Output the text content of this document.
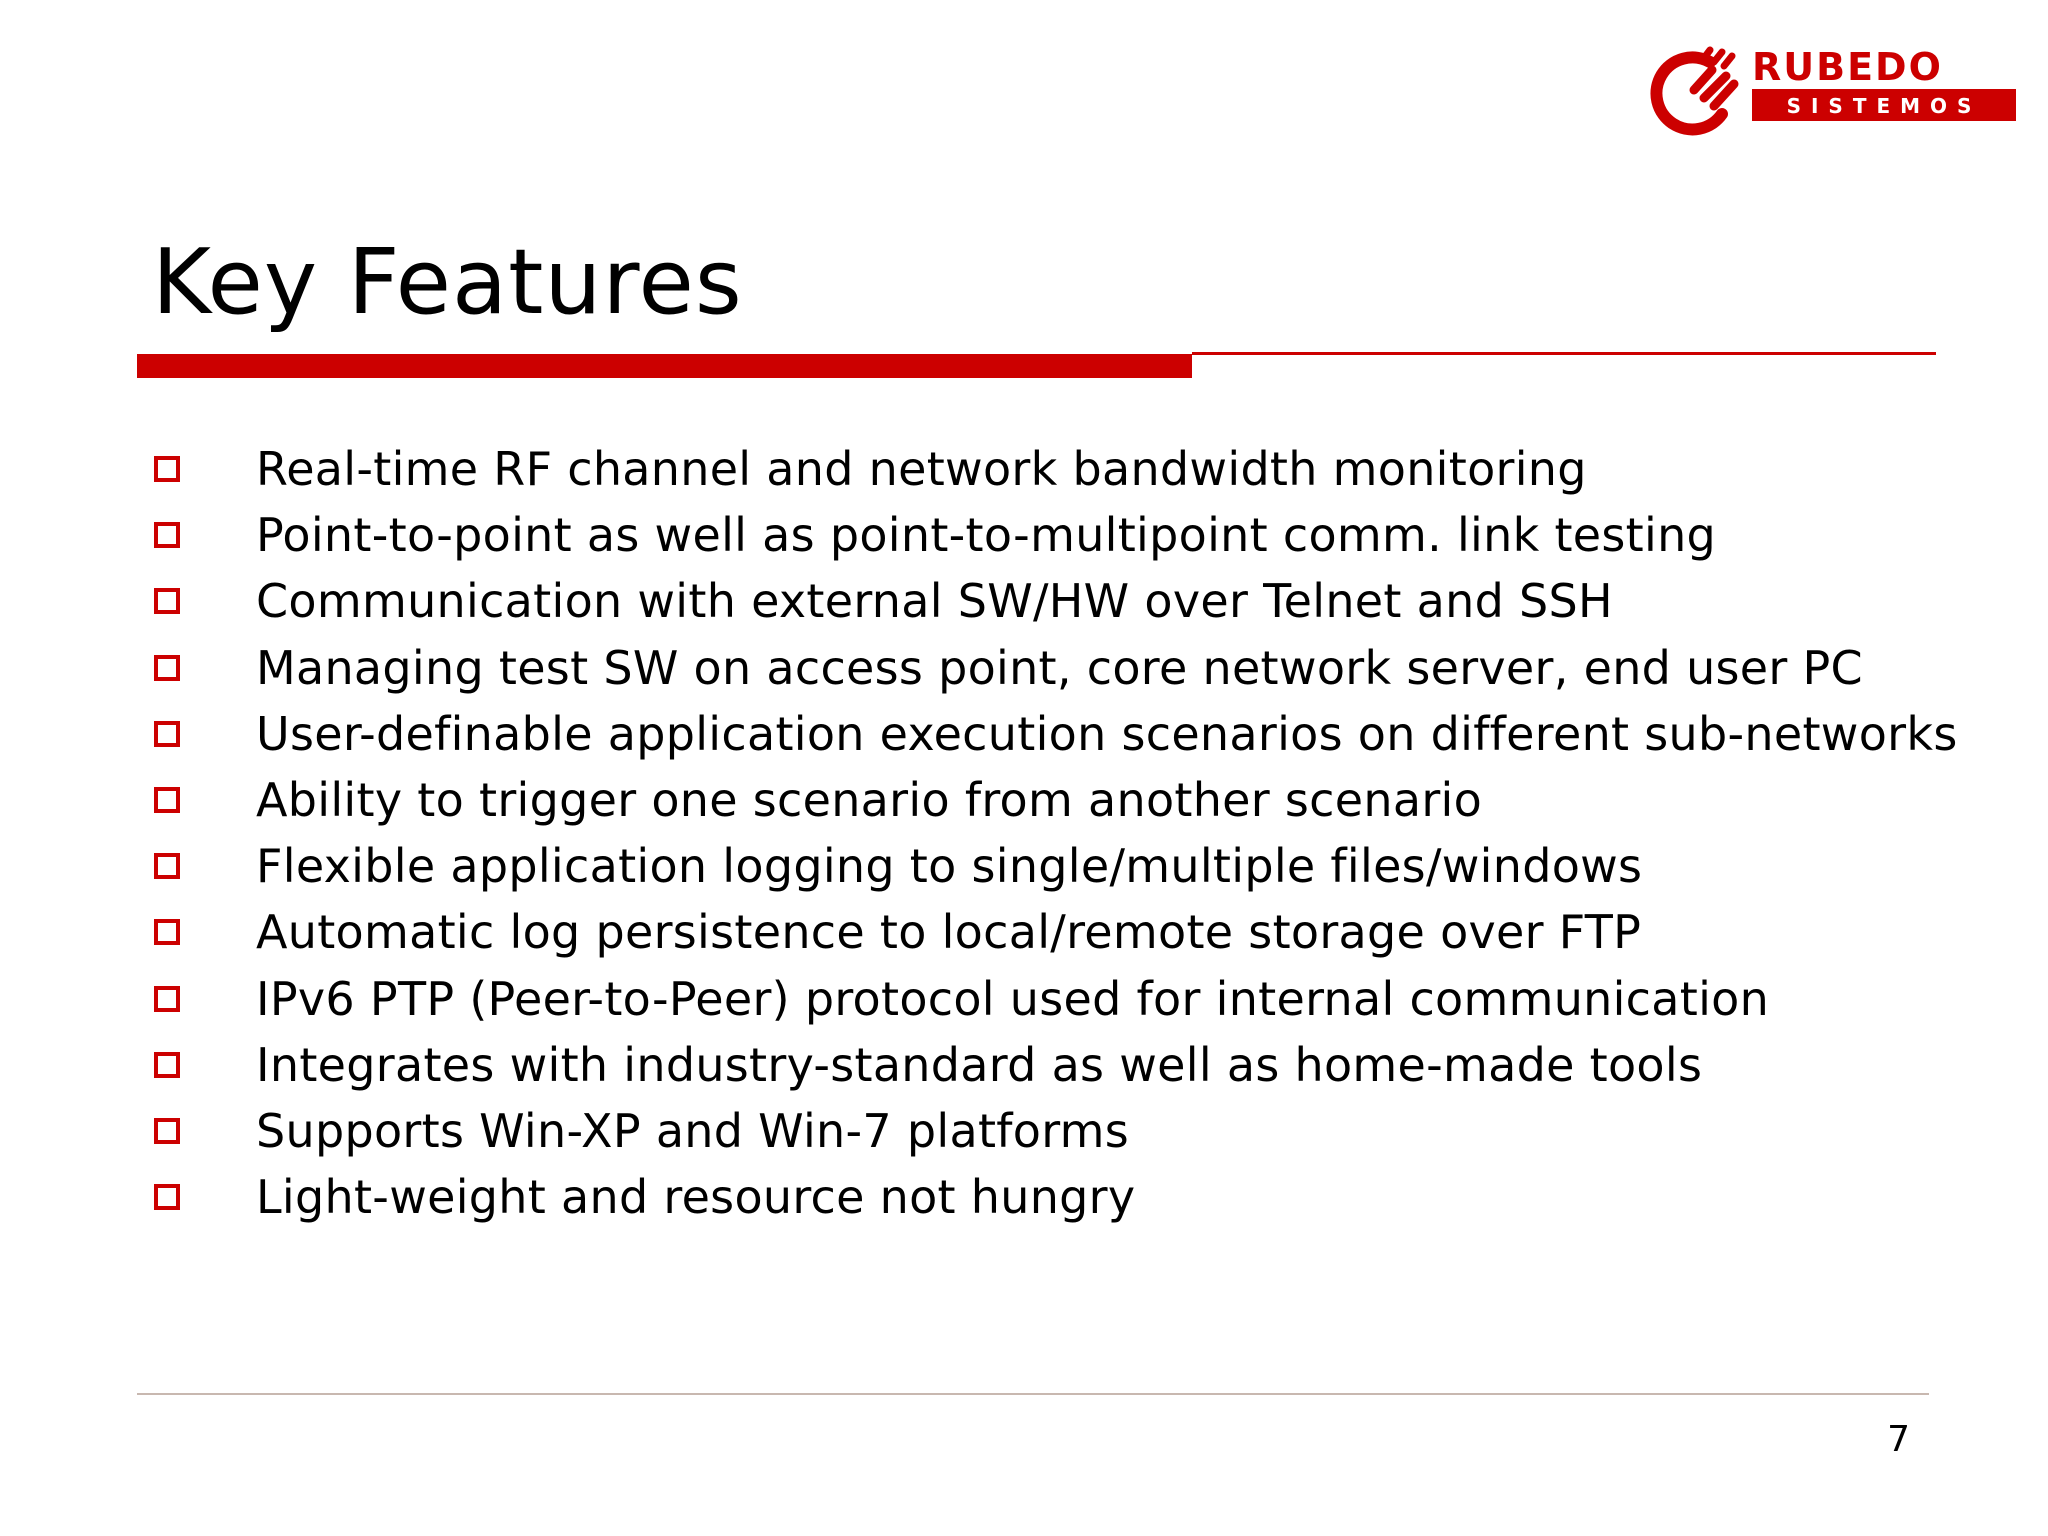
RUBEDO
SISTEMOS
Key Features
Real-time RF channel and network bandwidth monitoring
Point-to-point as well as point-to-multipoint comm. link testing
Communication with external SW/HW over Telnet and SSH
Managing test SW on access point, core network server, end user PC
User-definable application execution scenarios on different sub-networks
Ability to trigger one scenario from another scenario
Flexible application logging to single/multiple files/windows
Automatic log persistence to local/remote storage over FTP
IPv6 PTP (Peer-to-Peer) protocol used for internal communication
Integrates with industry-standard as well as home-made tools
Supports Win-XP and Win-7 platforms
Light-weight and resource not hungry
7
